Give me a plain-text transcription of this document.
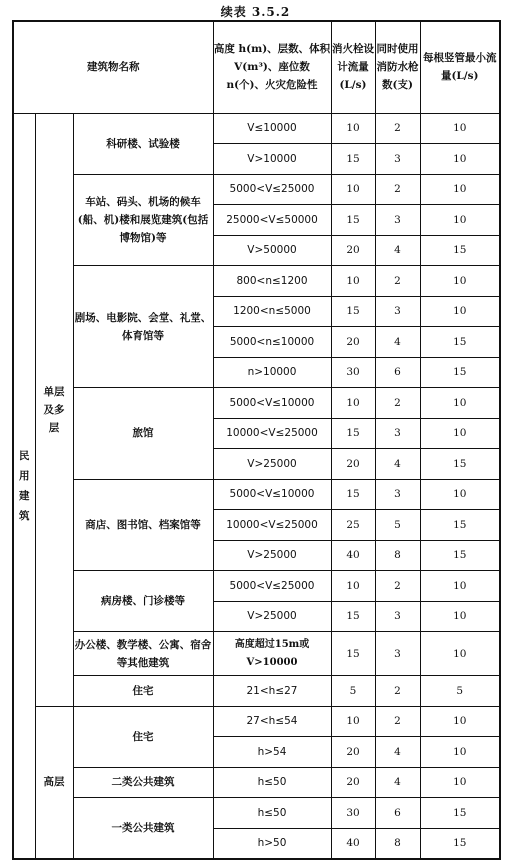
续表 3.5.2
建筑物名称			高度 h(m)、层数、体积 V(m³)、座位数 n(个)、火灾危险性	消火栓设计流量(L/s)	同时使用消防水枪数(支)	每根竖管最小流量(L/s)
民用建筑	单层及多层	科研楼、试验楼	V≤10000	10	2	10
			V>10000	15	3	10
		车站、码头、机场的候车(船、机)楼和展览建筑(包括博物馆)等	5000<V≤25000	10	2	10
			25000<V≤50000	15	3	10
			V>50000	20	4	15
		剧场、电影院、会堂、礼堂、体育馆等	800<n≤1200	10	2	10
			1200<n≤5000	15	3	10
			5000<n≤10000	20	4	15
			n>10000	30	6	15
		旅馆	5000<V≤10000	10	2	10
			10000<V≤25000	15	3	10
			V>25000	20	4	15
		商店、图书馆、档案馆等	5000<V≤10000	15	3	10
			10000<V≤25000	25	5	15
			V>25000	40	8	15
		病房楼、门诊楼等	5000<V≤25000	10	2	10
			V>25000	15	3	10
		办公楼、教学楼、公寓、宿舍等其他建筑	高度超过15m或V>10000	15	3	10
		住宅	21<h≤27	5	2	5
	高层	住宅	27<h≤54	10	2	10
			h>54	20	4	10
		二类公共建筑	h≤50	20	4	10
		一类公共建筑	h≤50	30	6	15
			h>50	40	8	15
